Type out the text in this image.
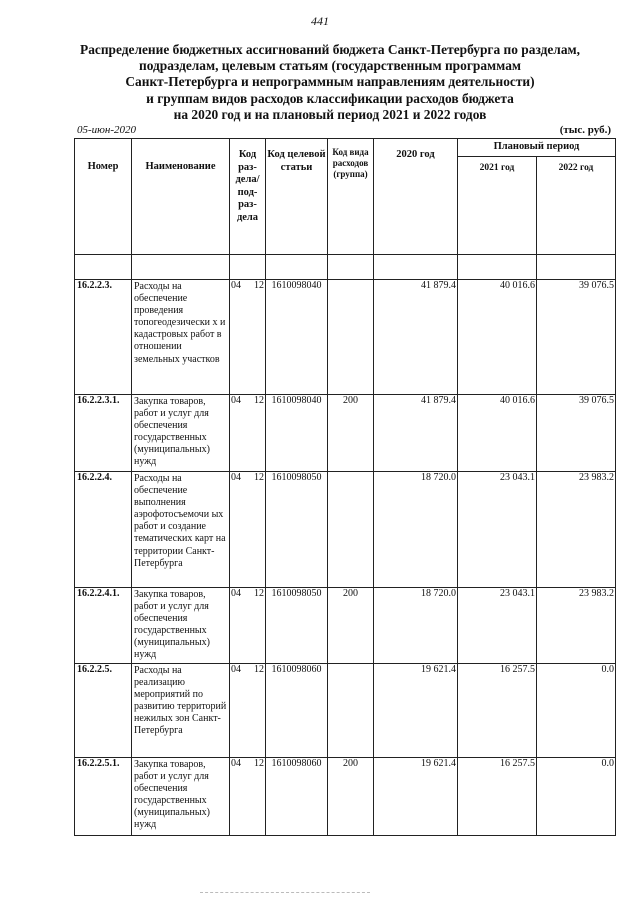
441
Распределение бюджетных ассигнований бюджета Санкт-Петербурга по разделам,
подразделам, целевым статьям (государственным программам
Санкт-Петербурга и непрограммным направлениям деятельности)
и группам видов расходов классификации расходов бюджета
на 2020 год и на плановый период 2021 и 2022 годов
05-июн-2020	(тыс. руб.)
Номер	Наименование	Код раз-дела/ под-раз-дела	Код целевой статьи	Код вида расходов (группа)	2020 год	Плановый период	
						2021 год	2022 год

16.2.2.3.	Расходы на обеспечение проведения топогеодезически х и кадастровых работ в отношении земельных участков	04 12	1610098040		41 879.4	40 016.6	39 076.5
16.2.2.3.1.	Закупка товаров, работ и услуг для обеспечения государственных (муниципальных) нужд	04 12	1610098040	200	41 879.4	40 016.6	39 076.5
16.2.2.4.	Расходы на обеспечение выполнения аэрофотосъемочи ых работ и создание тематических карт на территории Санкт-Петербурга	04 12	1610098050		18 720.0	23 043.1	23 983.2
16.2.2.4.1.	Закупка товаров, работ и услуг для обеспечения государственных (муниципальных) нужд	04 12	1610098050	200	18 720.0	23 043.1	23 983.2
16.2.2.5.	Расходы на реализацию мероприятий по развитию территорий нежилых зон Санкт-Петербурга	04 12	1610098060		19 621.4	16 257.5	0.0
16.2.2.5.1.	Закупка товаров, работ и услуг для обеспечения государственных (муниципальных) нужд	04 12	1610098060	200	19 621.4	16 257.5	0.0
